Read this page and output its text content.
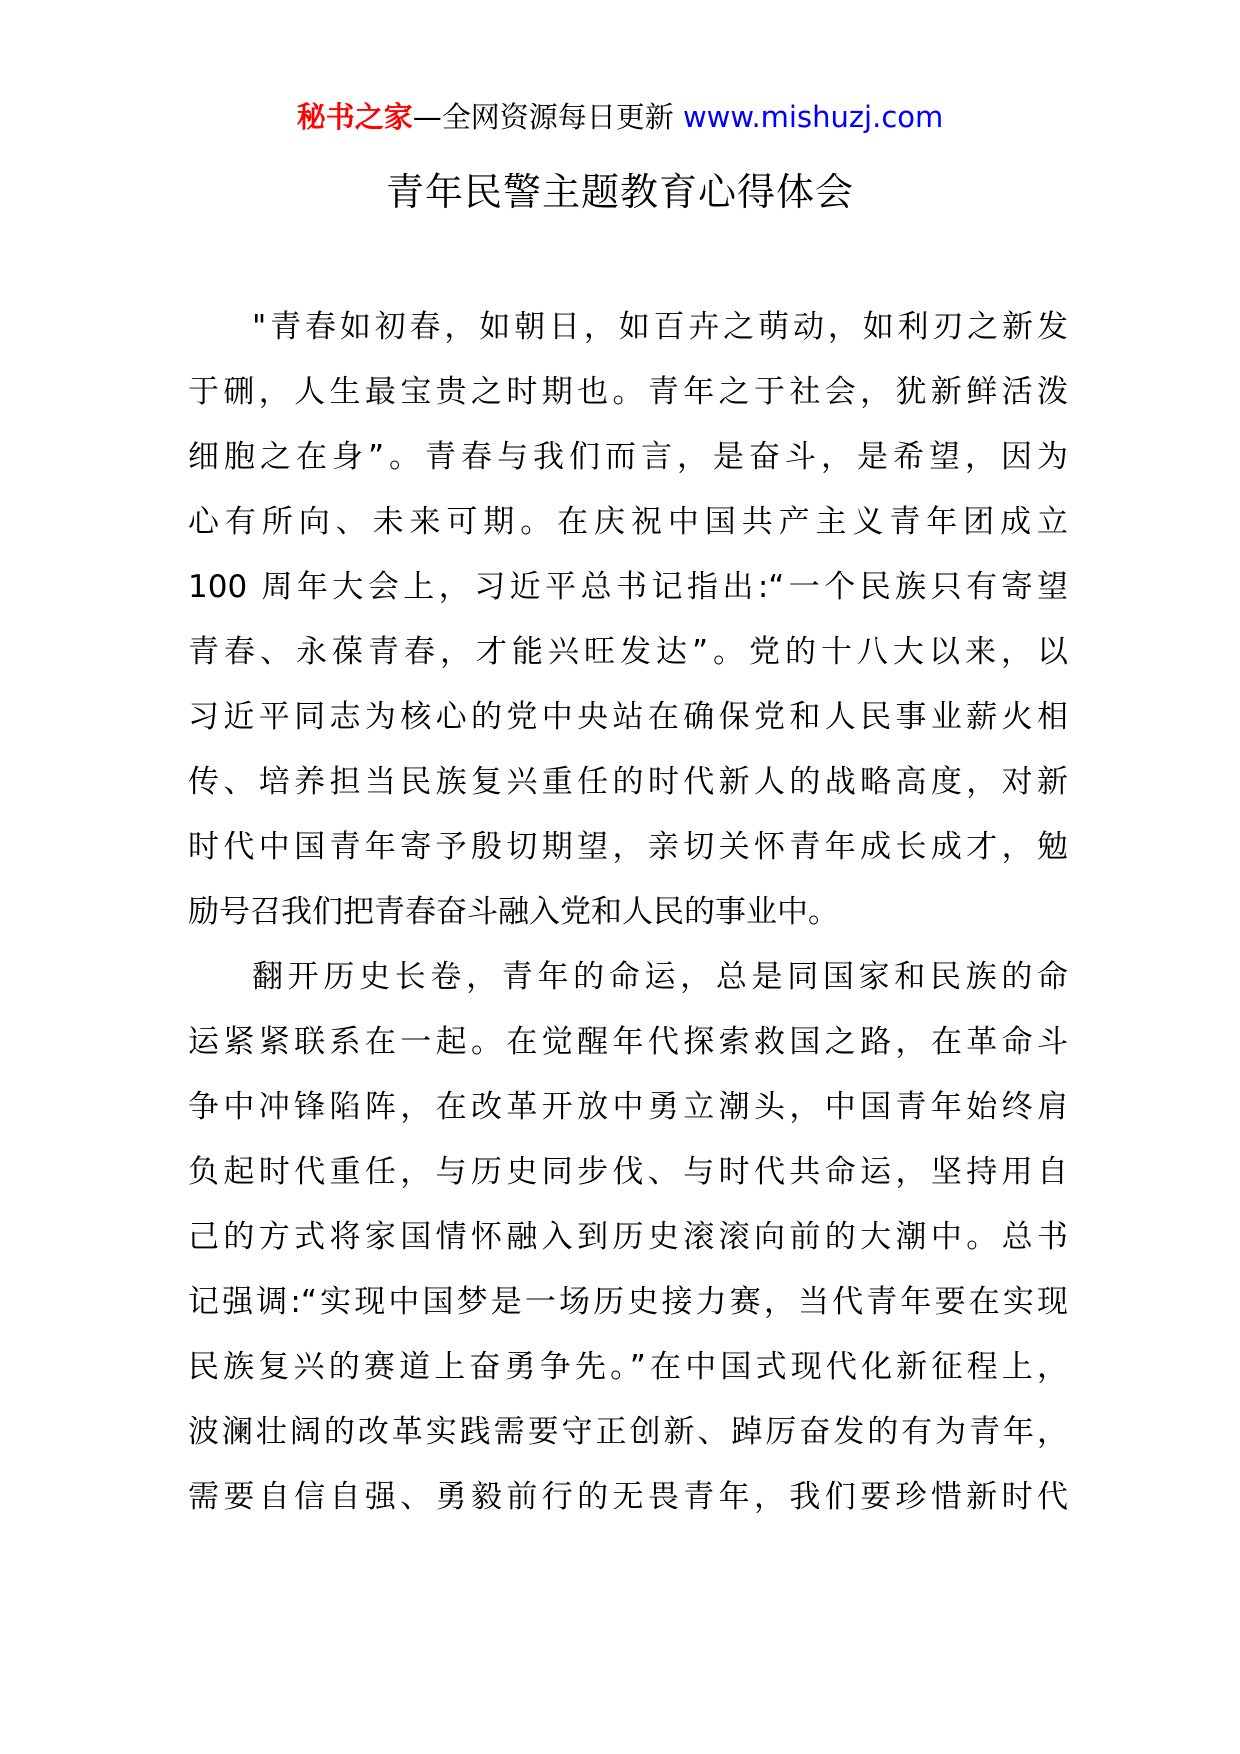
秘书之家—全网资源每日更新 www.mishuzj.com
青年民警主题教育心得体会
"青春如初春，如朝日，如百卉之萌动，如利刃之新发
于硎，人生最宝贵之时期也。青年之于社会，犹新鲜活泼
细胞之在身”。青春与我们而言，是奋斗，是希望，因为
心有所向、未来可期。在庆祝中国共产主义青年团成立
100 周年大会上，习近平总书记指出:“一个民族只有寄望
青春、永葆青春，才能兴旺发达”。党的十八大以来，以
习近平同志为核心的党中央站在确保党和人民事业薪火相
传、培养担当民族复兴重任的时代新人的战略高度，对新
时代中国青年寄予殷切期望，亲切关怀青年成长成才，勉
励号召我们把青春奋斗融入党和人民的事业中。
翻开历史长卷，青年的命运，总是同国家和民族的命
运紧紧联系在一起。在觉醒年代探索救国之路，在革命斗
争中冲锋陷阵，在改革开放中勇立潮头，中国青年始终肩
负起时代重任，与历史同步伐、与时代共命运，坚持用自
己的方式将家国情怀融入到历史滚滚向前的大潮中。总书
记强调:“实现中国梦是一场历史接力赛，当代青年要在实现
民族复兴的赛道上奋勇争先。”在中国式现代化新征程上，
波澜壮阔的改革实践需要守正创新、踔厉奋发的有为青年，
需要自信自强、勇毅前行的无畏青年，我们要珍惜新时代
